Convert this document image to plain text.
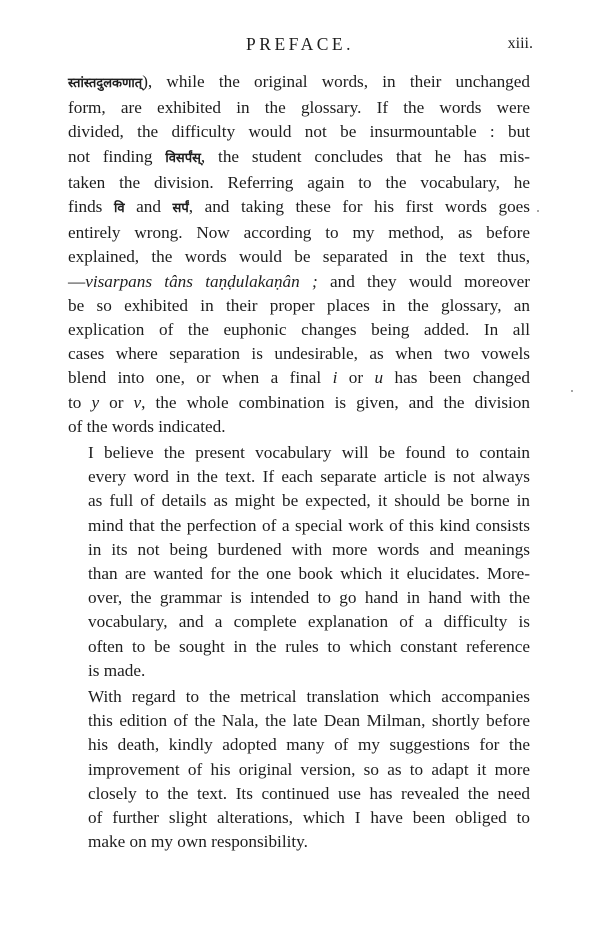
PREFACE.	xiii.
स्तांस्तदुलकणात्), while the original words, in their unchanged
form, are exhibited in the glossary. If the words were
divided, the difficulty would not be insurmountable : but
not finding विसर्पंस्, the student concludes that he has mis-
taken the division. Referring again to the vocabulary, he
finds वि and सर्पं, and taking these for his first words goes
entirely wrong. Now according to my method, as before
explained, the words would be separated in the text thus,
—visarpans tâns taṇḍulakaṇân ; and they would moreover
be so exhibited in their proper places in the glossary, an
explication of the euphonic changes being added. In all
cases where separation is undesirable, as when two vowels
blend into one, or when a final i or u has been changed
to y or v, the whole combination is given, and the division
of the words indicated.
I believe the present vocabulary will be found to contain
every word in the text. If each separate article is not always
as full of details as might be expected, it should be borne in
mind that the perfection of a special work of this kind consists
in its not being burdened with more words and meanings
than are wanted for the one book which it elucidates. More-
over, the grammar is intended to go hand in hand with the
vocabulary, and a complete explanation of a difficulty is
often to be sought in the rules to which constant reference
is made.
With regard to the metrical translation which accompanies
this edition of the Nala, the late Dean Milman, shortly before
his death, kindly adopted many of my suggestions for the
improvement of his original version, so as to adapt it more
closely to the text. Its continued use has revealed the need
of further slight alterations, which I have been obliged to
make on my own responsibility.
